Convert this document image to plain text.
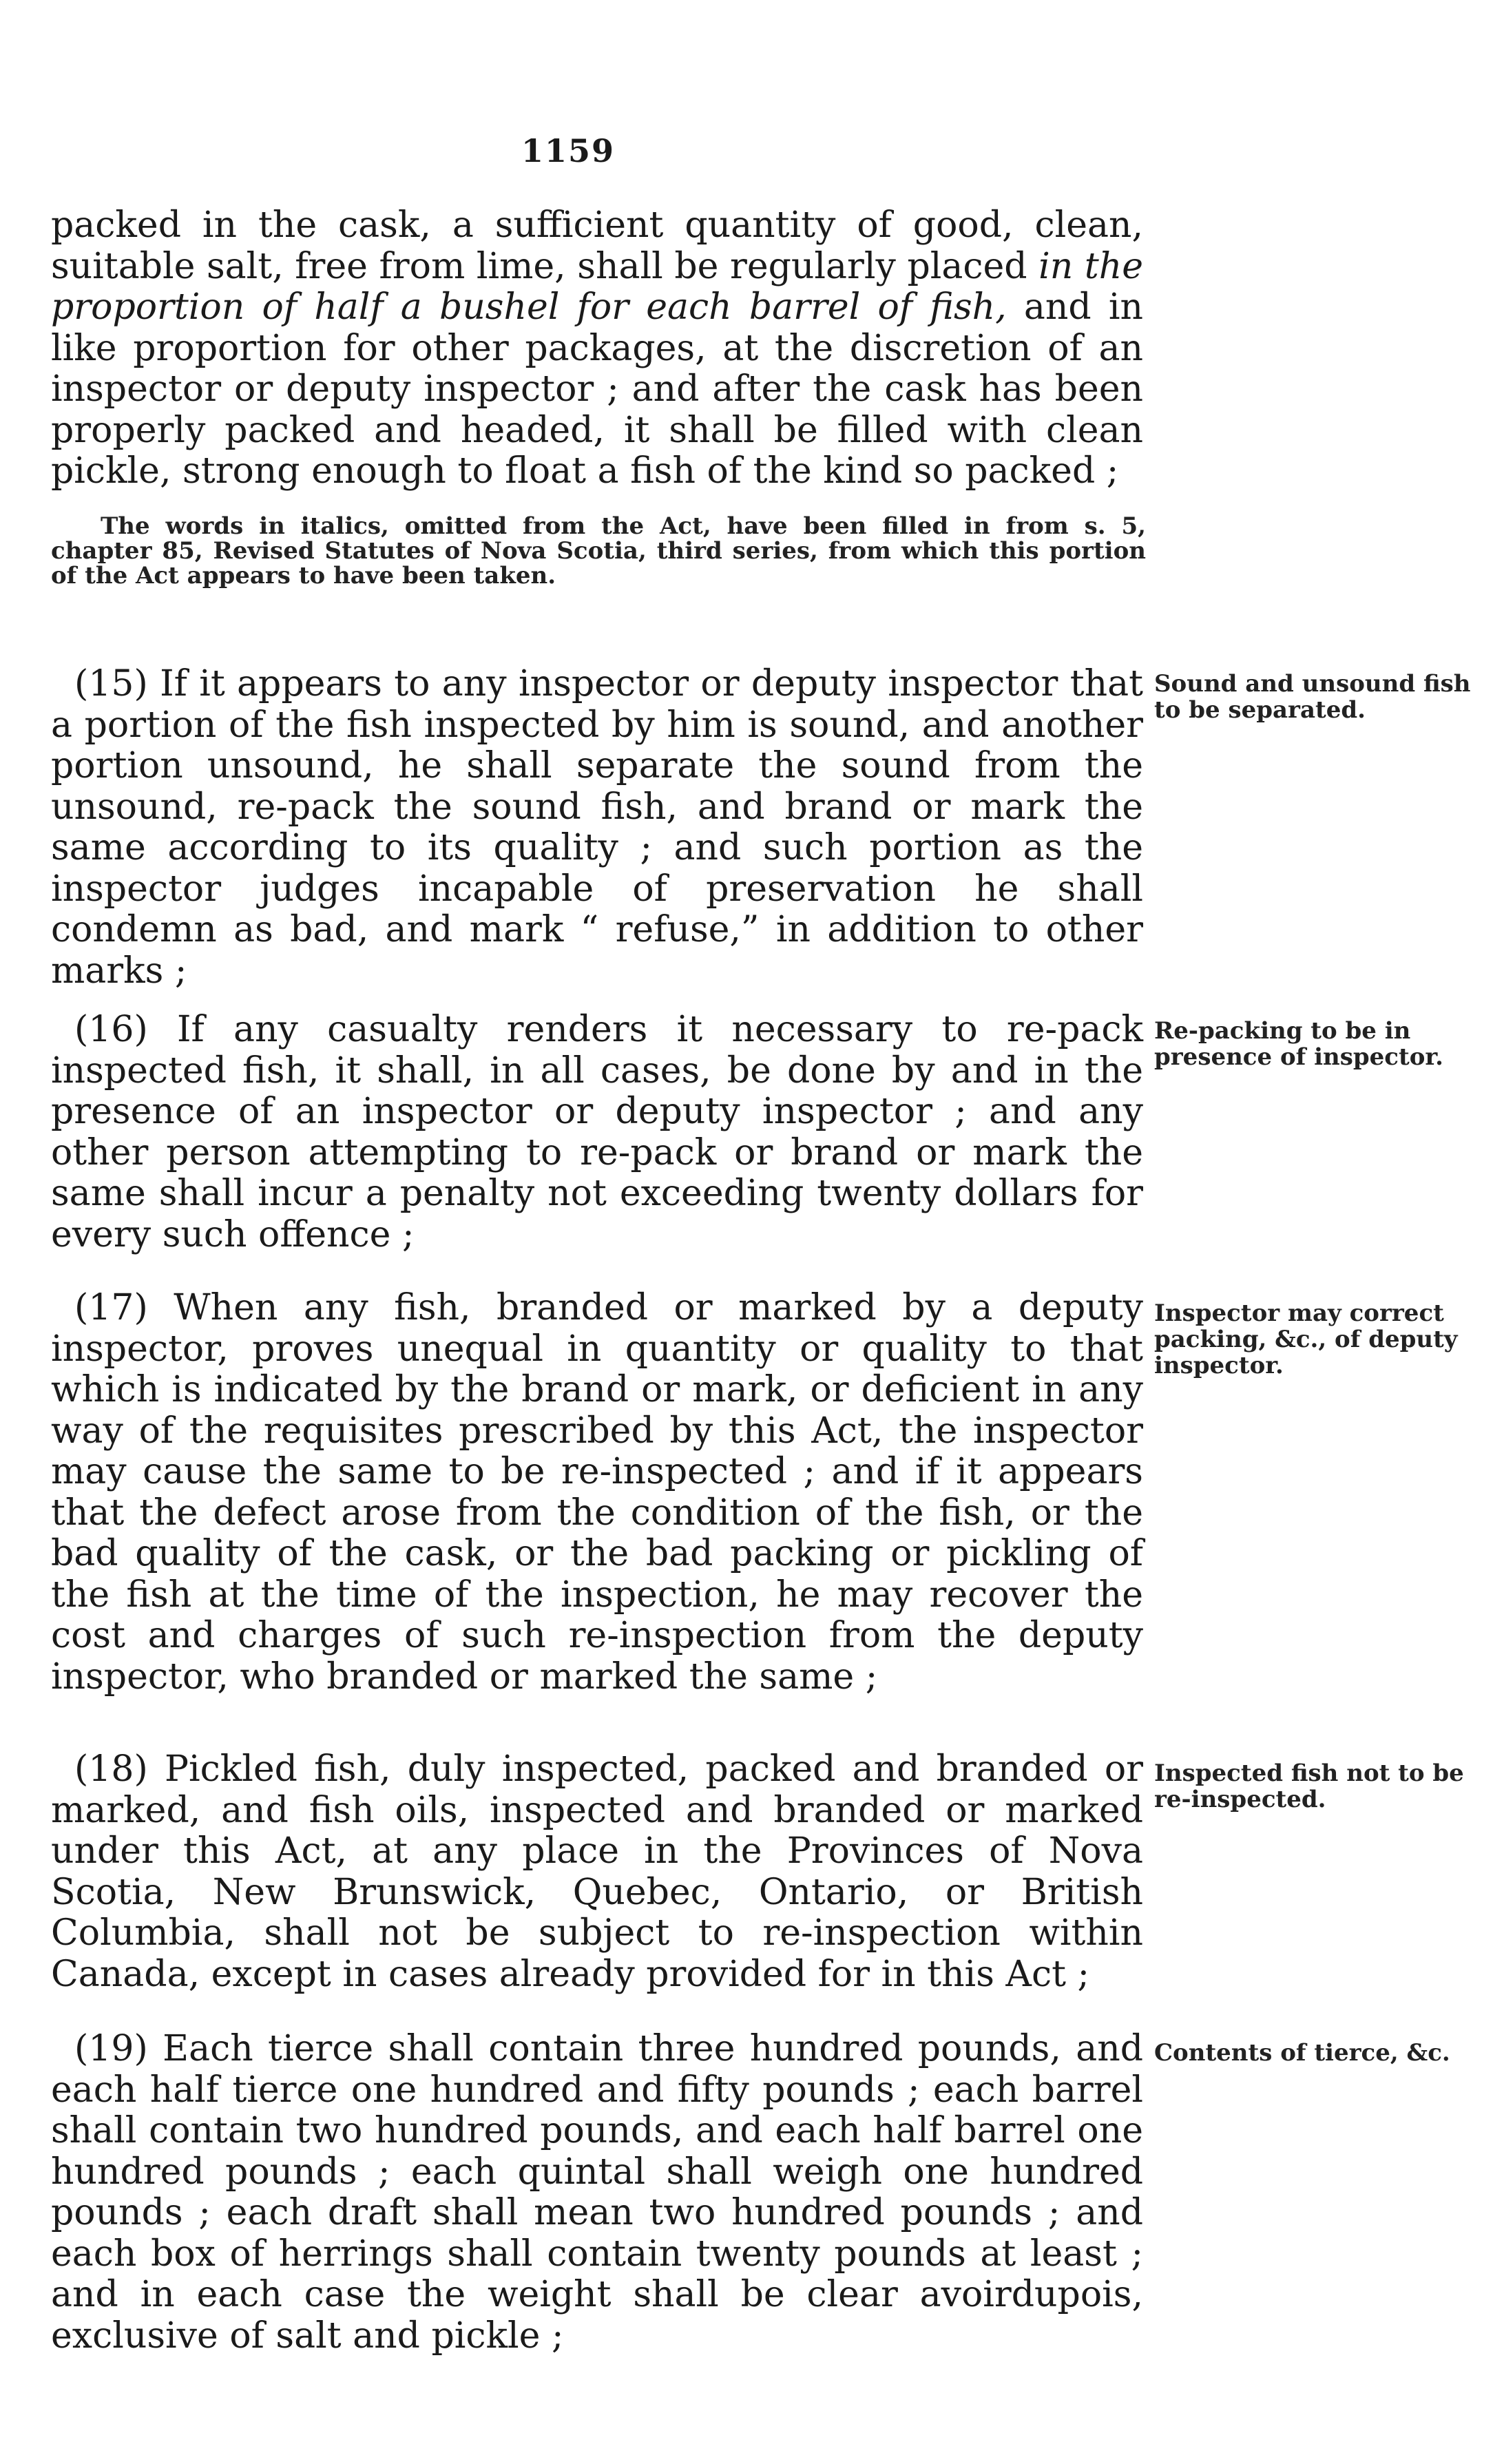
1159

packed in the cask, a sufficient quantity of good, clean, suitable salt, free from lime, shall be regularly placed in the proportion of half a bushel for each barrel of fish, and in like proportion for other packages, at the discretion of an inspector or deputy inspector ; and after the cask has been properly packed and headed, it shall be filled with clean pickle, strong enough to float a fish of the kind so packed ;

The words in italics, omitted from the Act, have been filled in from s. 5, chapter 85, Revised Statutes of Nova Scotia, third series, from which this portion of the Act appears to have been taken.

(15) If it appears to any inspector or deputy inspector that a portion of the fish inspected by him is sound, and another portion unsound, he shall separate the sound from the unsound, re-pack the sound fish, and brand or mark the same according to its quality ; and such portion as the inspector judges incapable of preservation he shall condemn as bad, and mark “ refuse,” in addition to other marks ;

Sound and unsound fish to be separated.

(16) If any casualty renders it necessary to re-pack inspected fish, it shall, in all cases, be done by and in the presence of an inspector or deputy inspector ; and any other person attempting to re-pack or brand or mark the same shall incur a penalty not exceeding twenty dollars for every such offence ;

Re-packing to be in presence of inspector.

(17) When any fish, branded or marked by a deputy inspector, proves unequal in quantity or quality to that which is indicated by the brand or mark, or deficient in any way of the requisites prescribed by this Act, the inspector may cause the same to be re-inspected ; and if it appears that the defect arose from the condition of the fish, or the bad quality of the cask, or the bad packing or pickling of the fish at the time of the inspection, he may recover the cost and charges of such re-inspection from the deputy inspector, who branded or marked the same ;

Inspector may correct packing, &c., of deputy inspector.

(18) Pickled fish, duly inspected, packed and branded or marked, and fish oils, inspected and branded or marked under this Act, at any place in the Provinces of Nova Scotia, New Brunswick, Quebec, Ontario, or British Columbia, shall not be subject to re-inspection within Canada, except in cases already provided for in this Act ;

Inspected fish not to be re-inspected.

(19) Each tierce shall contain three hundred pounds, and each half tierce one hundred and fifty pounds ; each barrel shall contain two hundred pounds, and each half barrel one hundred pounds ; each quintal shall weigh one hundred pounds ; each draft shall mean two hundred pounds ; and each box of herrings shall contain twenty pounds at least ; and in each case the weight shall be clear avoirdupois, exclusive of salt and pickle ;

Contents of tierce, &c.
